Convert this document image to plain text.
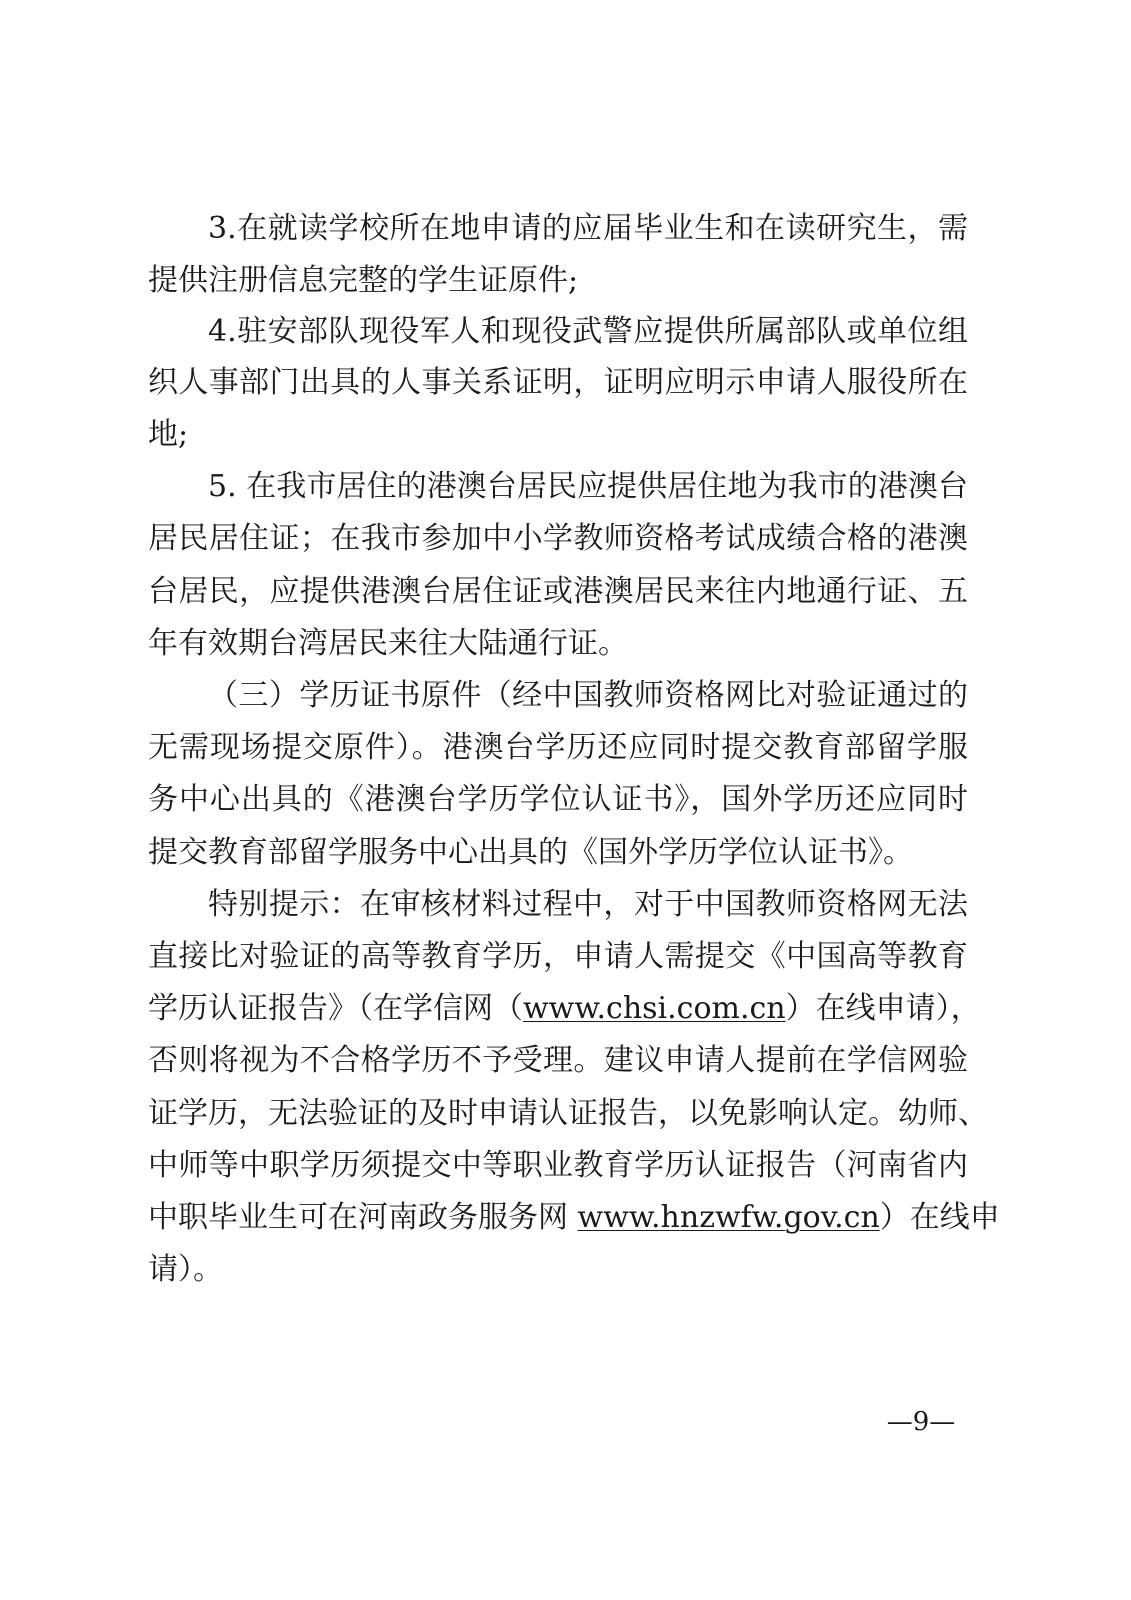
3.在就读学校所在地申请的应届毕业生和在读研究生，需
提供注册信息完整的学生证原件;
4.驻安部队现役军人和现役武警应提供所属部队或单位组
织人事部门出具的人事关系证明，证明应明示申请人服役所在
地;
5. 在我市居住的港澳台居民应提供居住地为我市的港澳台
居民居住证；在我市参加中小学教师资格考试成绩合格的港澳
台居民，应提供港澳台居住证或港澳居民来往内地通行证、五
年有效期台湾居民来往大陆通行证。
（三）学历证书原件（经中国教师资格网比对验证通过的
无需现场提交原件）。港澳台学历还应同时提交教育部留学服
务中心出具的《港澳台学历学位认证书》，国外学历还应同时
提交教育部留学服务中心出具的《国外学历学位认证书》。
特别提示：在审核材料过程中，对于中国教师资格网无法
直接比对验证的高等教育学历，申请人需提交《中国高等教育
学历认证报告》（在学信网（www.chsi.com.cn）在线申请），
否则将视为不合格学历不予受理。建议申请人提前在学信网验
证学历，无法验证的及时申请认证报告，以免影响认定。幼师、
中师等中职学历须提交中等职业教育学历认证报告（河南省内
中职毕业生可在河南政务服务网 www.hnzwfw.gov.cn）在线申
请）。
—9—
